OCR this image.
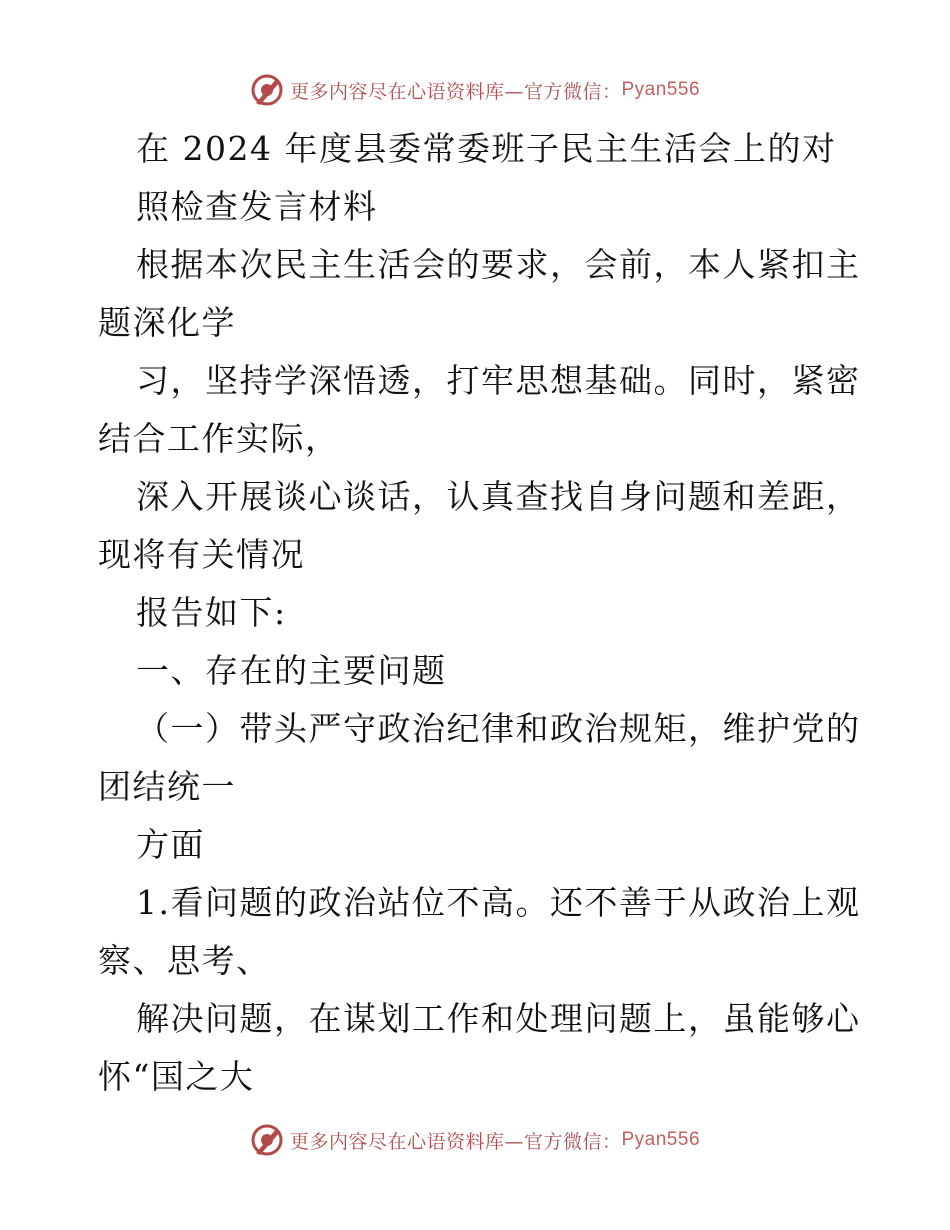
更多内容尽在心语资料库 —官方微信： Pyan556
在 2024 年度县委常委班子民主生活会上的对
照检查发言材料
根据本次民主生活会的要求，会前，本人紧扣主
题深化学
习，坚持学深悟透，打牢思想基础。同时，紧密
结合工作实际，
深入开展谈心谈话，认真查找自身问题和差距，
现将有关情况
报告如下:
一、存在的主要问题
（一）带头严守政治纪律和政治规矩，维护党的
团结统一
方面
1.看问题的政治站位不高。还不善于从政治上观
察、思考、
解决问题，在谋划工作和处理问题上，虽能够心
怀“国之大
更多内容尽在心语资料库 —官方微信： Pyan556
